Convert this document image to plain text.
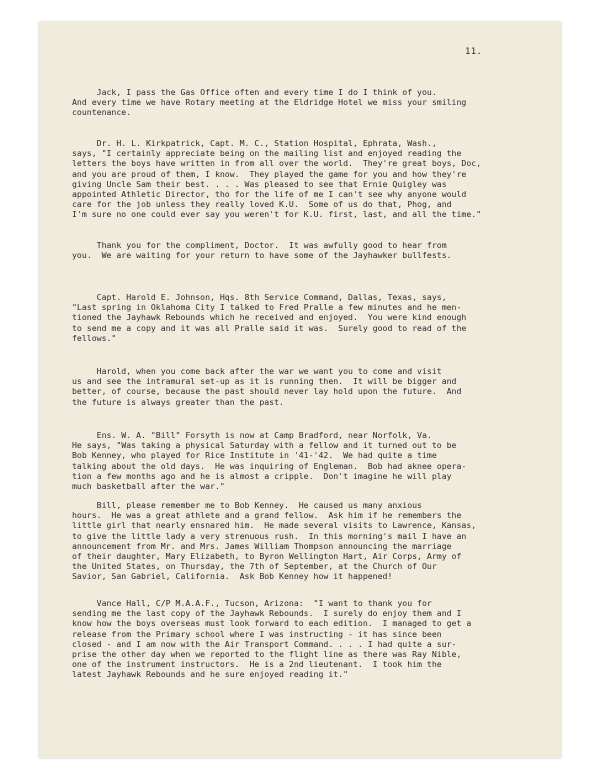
11.
Jack, I pass the Gas Office often and every time I do I think of you.
And every time we have Rotary meeting at the Eldridge Hotel we miss your smiling
countenance.
Dr. H. L. Kirkpatrick, Capt. M. C., Station Hospital, Ephrata, Wash.,
says, "I certainly appreciate being on the mailing list and enjoyed reading the
letters the boys have written in from all over the world.  They're great boys, Doc,
and you are proud of them, I know.  They played the game for you and how they're
giving Uncle Sam their best. . . . Was pleased to see that Ernie Quigley was
appointed Athletic Director, tho for the life of me I can't see why anyone would
care for the job unless they really loved K.U.  Some of us do that, Phog, and
I'm sure no one could ever say you weren't for K.U. first, last, and all the time."
Thank you for the compliment, Doctor.  It was awfully good to hear from
you.  We are waiting for your return to have some of the Jayhawker bullfests.
Capt. Harold E. Johnson, Hqs. 8th Service Command, Dallas, Texas, says,
"Last spring in Oklahoma City I talked to Fred Pralle a few minutes and he men-
tioned the Jayhawk Rebounds which he received and enjoyed.  You were kind enough
to send me a copy and it was all Pralle said it was.  Surely good to read of the
fellows."
Harold, when you come back after the war we want you to come and visit
us and see the intramural set-up as it is running then.  It will be bigger and
better, of course, because the past should never lay hold upon the future.  And
the future is always greater than the past.
Ens. W. A. "Bill" Forsyth is now at Camp Bradford, near Norfolk, Va.
He says, "Was taking a physical Saturday with a fellow and it turned out to be
Bob Kenney, who played for Rice Institute in '41-'42.  We had quite a time
talking about the old days.  He was inquiring of Engleman.  Bob had aknee opera-
tion a few months ago and he is almost a cripple.  Don't imagine he will play
much basketball after the war."
Bill, please remember me to Bob Kenney.  He caused us many anxious
hours.  He was a great athlete and a grand fellow.  Ask him if he remembers the
little girl that nearly ensnared him.  He made several visits to Lawrence, Kansas,
to give the little lady a very strenuous rush.  In this morning's mail I have an
announcement from Mr. and Mrs. James William Thompson announcing the marriage
of their daughter, Mary Elizabeth, to Byron Wellington Hart, Air Corps, Army of
the United States, on Thursday, the 7th of September, at the Church of Our
Savior, San Gabriel, California.  Ask Bob Kenney how it happened!
Vance Hall, C/P M.A.A.F., Tucson, Arizona:  "I want to thank you for
sending me the last copy of the Jayhawk Rebounds.  I surely do enjoy them and I
know how the boys overseas must look forward to each edition.  I managed to get a
release from the Primary school where I was instructing - it has since been
closed - and I am now with the Air Transport Command. . . . I had quite a sur-
prise the other day when we reported to the flight line as there was Ray Nible,
one of the instrument instructors.  He is a 2nd lieutenant.  I took him the
latest Jayhawk Rebounds and he sure enjoyed reading it."
